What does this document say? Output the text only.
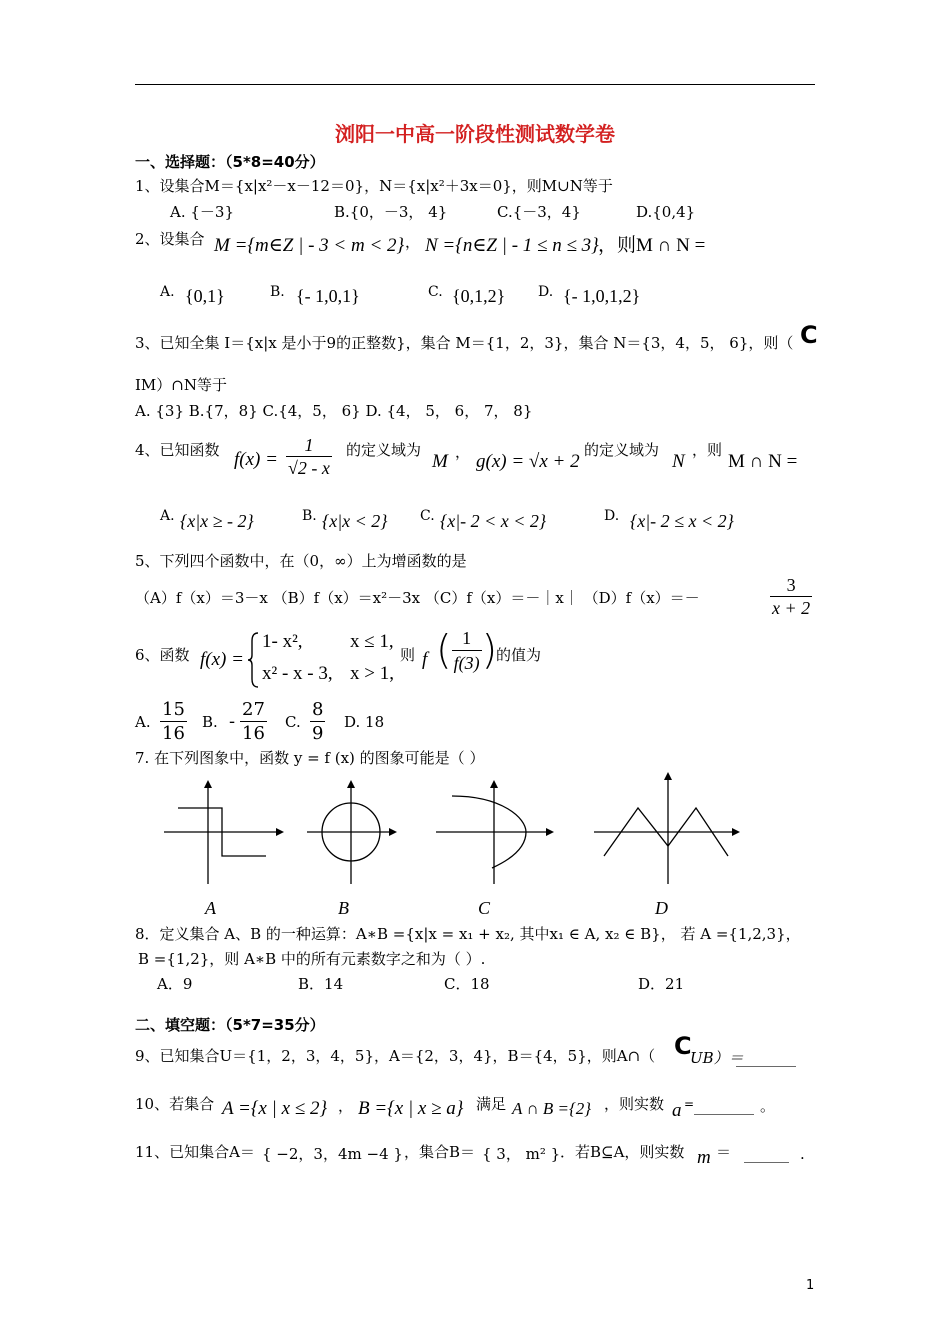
浏阳一中高一阶段性测试数学卷
一、选择题：（5*8=40分）
1、设集合M＝{x|x²－x－12＝0}，N＝{x|x²＋3x＝0}，则M∪N等于
A. {－3}	B.{0，－3， 4}	C.{－3，4}	D.{0,4}
2、设集合 M ={m∈Z | - 3 < m < 2} ， N ={n∈Z | - 1 ≤ n ≤ 3} ，则M ∩ N =
A. {0,1}	B. {- 1,0,1}	C. {0,1,2} D. {- 1,0,1,2}
3、已知全集 I＝{x|x 是小于9的正整数}，集合 M＝{1，2，3}，集合 N＝{3，4，5， 6}，则（ C
IM）∩N等于
A. {3} B.{7，8} C.{4，5， 6} D. {4， 5， 6， 7， 8}
4、已知函数 $f(x) = \frac{1}{√2 - x}$ 的定义域为
M ， g(x) = √x + 2
的定义域为
N
，则
M ∩ N =
A. {x|x ≥ - 2}	B. {x|x < 2} C. {x|- 2 < x < 2}	D. {x|- 2 ≤ x < 2}
5、下列四个函数中，在（0，∞）上为增函数的是
（A）f（x）＝3－x （B）f（x）＝x²－3x （C）f（x）＝－｜x｜ （D）f（x）＝－	$\frac{3}{x + 2}$
6、函数 f(x) =
1- x², x ≤ 1,
x² - x - 3, x > 1,
则 f ( $\frac{1}{f(3)}$ )
的值为
A. $\frac{15}{16} B$. - $\frac{27}{16} C$. $\frac{8}{9} D$. 18
7. 在下列图象中，函数 y = f (x) 的图象可能是（ ）
A	B	C	D
8．定义集合 A、B 的一种运算：A∗B ={x|x = x₁ + x₂, 其中x₁ ∈ A, x₂ ∈ B}， 若 A ={1,2,3}，
B ={1,2}，则 A∗B 中的所有元素数字之和为（ ）.
A．9	B．14	C．18	D．21
二、填空题：（5*7=35分）
9、已知集合U＝{1，2，3，4，5}，A＝{2，3，4}，B＝{4，5}，则A∩（ C
UB）＝
________
10、若集合 A ={x | x ≤ 2} ， B ={x | x ≥ a} 满足 A ∩ B ={2} ，则实数 a = ________ 。
11、已知集合A＝ { −2，3，4m −4 } ，集合B＝ { 3， m² } ．若B⊆A，则实数 m ＝ ______ .
1
